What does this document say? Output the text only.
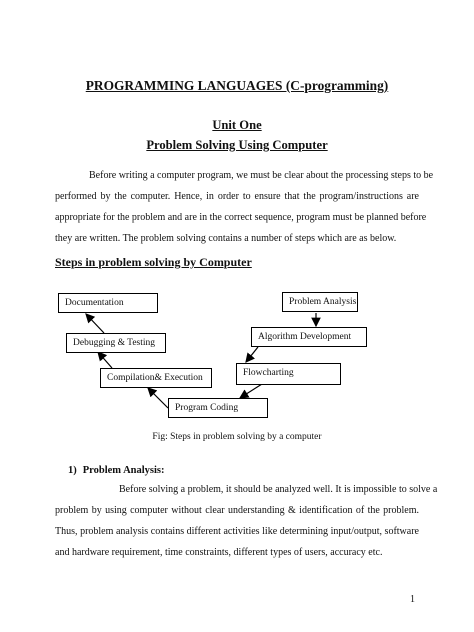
PROGRAMMING LANGUAGES (C-programming)
Unit One
Problem Solving Using Computer
Before writing a computer program, we must be clear about the processing steps to be
performed by the computer. Hence, in order to ensure that the program/instructions are
appropriate for the problem and are in the correct sequence, program must be planned before
they are written. The problem solving contains a number of steps which are as below.
Steps in problem solving by Computer
Documentation	Problem Analysis
Debugging & Testing
Algorithm Development
Flowcharting
Compilation& Execution
Program Coding
Fig: Steps in problem solving by a computer
1) Problem Analysis:
Before solving a problem, it should be analyzed well. It is impossible to solve a
problem by using computer without clear understanding & identification of the problem.
Thus, problem analysis contains different activities like determining input/output, software
and hardware requirement, time constraints, different types of users, accuracy etc.
1
